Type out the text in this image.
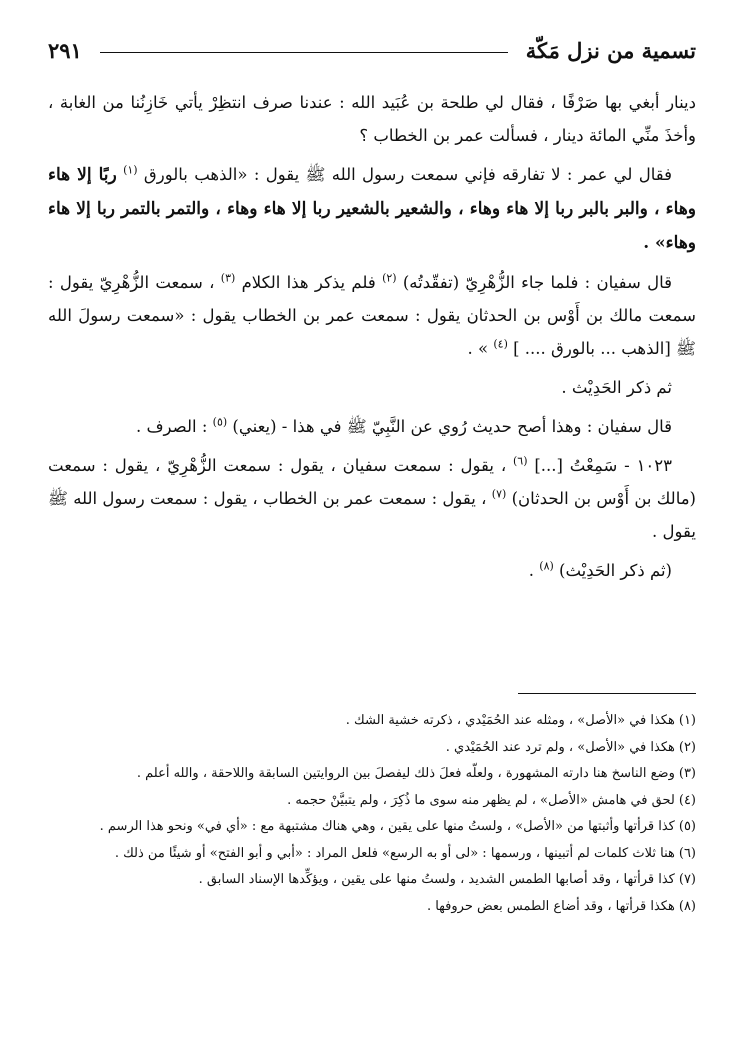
تسمية من نزل مَكّة
٢٩١

دينار أبغي بها صَرْفًا ، فقال لي طلحة بن عُبَيد الله : عندنا صرف انتظِرْ يأتي خَازِنُنا من الغابة ، وأخذَ منِّي المائة دينار ، فسألت عمر بن الخطاب ؟

فقال لي عمر : لا تفارقه فإني سمعت رسول الله ﷺ يقول : «الذهب بالورق $^{(١)}$ ربًا إلا هاء وهاء ، والبر بالبر ربا إلا هاء وهاء ، والشعير بالشعير ربا إلا هاء وهاء ، والتمر بالتمر ربا إلا هاء وهاء» .

قال سفيان : فلما جاء الزُّهْرِيّ (تفقّدتُه) $^{(٢)}$ فلم يذكر هذا الكلام $^{(٣)}$ ، سمعت الزُّهْرِيّ يقول : سمعت مالك بن أَوْس بن الحدثان يقول : سمعت عمر بن الخطاب يقول : «سمعت رسولَ الله ﷺ [الذهب ... بالورق .... ] $^{(٤)}$ » .

ثم ذكر الحَدِيْث .

قال سفيان : وهذا أصح حديث رُوي عن النَّبِيّ ﷺ في هذا - (يعني) $^{(٥)}$ : الصرف .

١٠٢٣ - سَمِعْتُ [...] $^{(٦)}$ ، يقول : سمعت سفيان ، يقول : سمعت الزُّهْرِيّ ، يقول : سمعت (مالك بن أَوْس بن الحدثان) $^{(٧)}$ ، يقول : سمعت عمر بن الخطاب ، يقول : سمعت رسول الله ﷺ يقول .

(ثم ذكر الحَدِيْث) $^{(٨)}$ .

(١)هكذا في «الأصل» ، ومثله عند الحُمَيْدي ، ذكرته خشية الشك .

(٢)هكذا في «الأصل» ، ولم ترد عند الحُمَيْدي .

(٣)وضع الناسخ هنا دارته المشهورة ، ولعلّه فعلَ ذلك ليفصلَ بين الروايتين السابقة واللاحقة ، والله أعلم .

(٤)لحق في هامش «الأصل» ، لم يظهر منه سوى ما ذُكِرَ ، ولم يتبيَّنْ حجمه .

(٥)كذا قرأتها وأثبتها من «الأصل» ، ولستُ منها على يقين ، وهي هناك مشتبهة مع : «أي في» ونحو هذا الرسم .

(٦)هنا ثلاث كلمات لم أتبينها ، ورسمها : «لى أو به الرسع» فلعل المراد : «أبي و أبو الفتح» أو شيئًا من ذلك .

(٧)كذا قرأتها ، وقد أصابها الطمس الشديد ، ولستُ منها على يقين ، ويؤكِّدها الإسناد السابق .

(٨)هكذا قرأتها ، وقد أضاع الطمس بعض حروفها .
